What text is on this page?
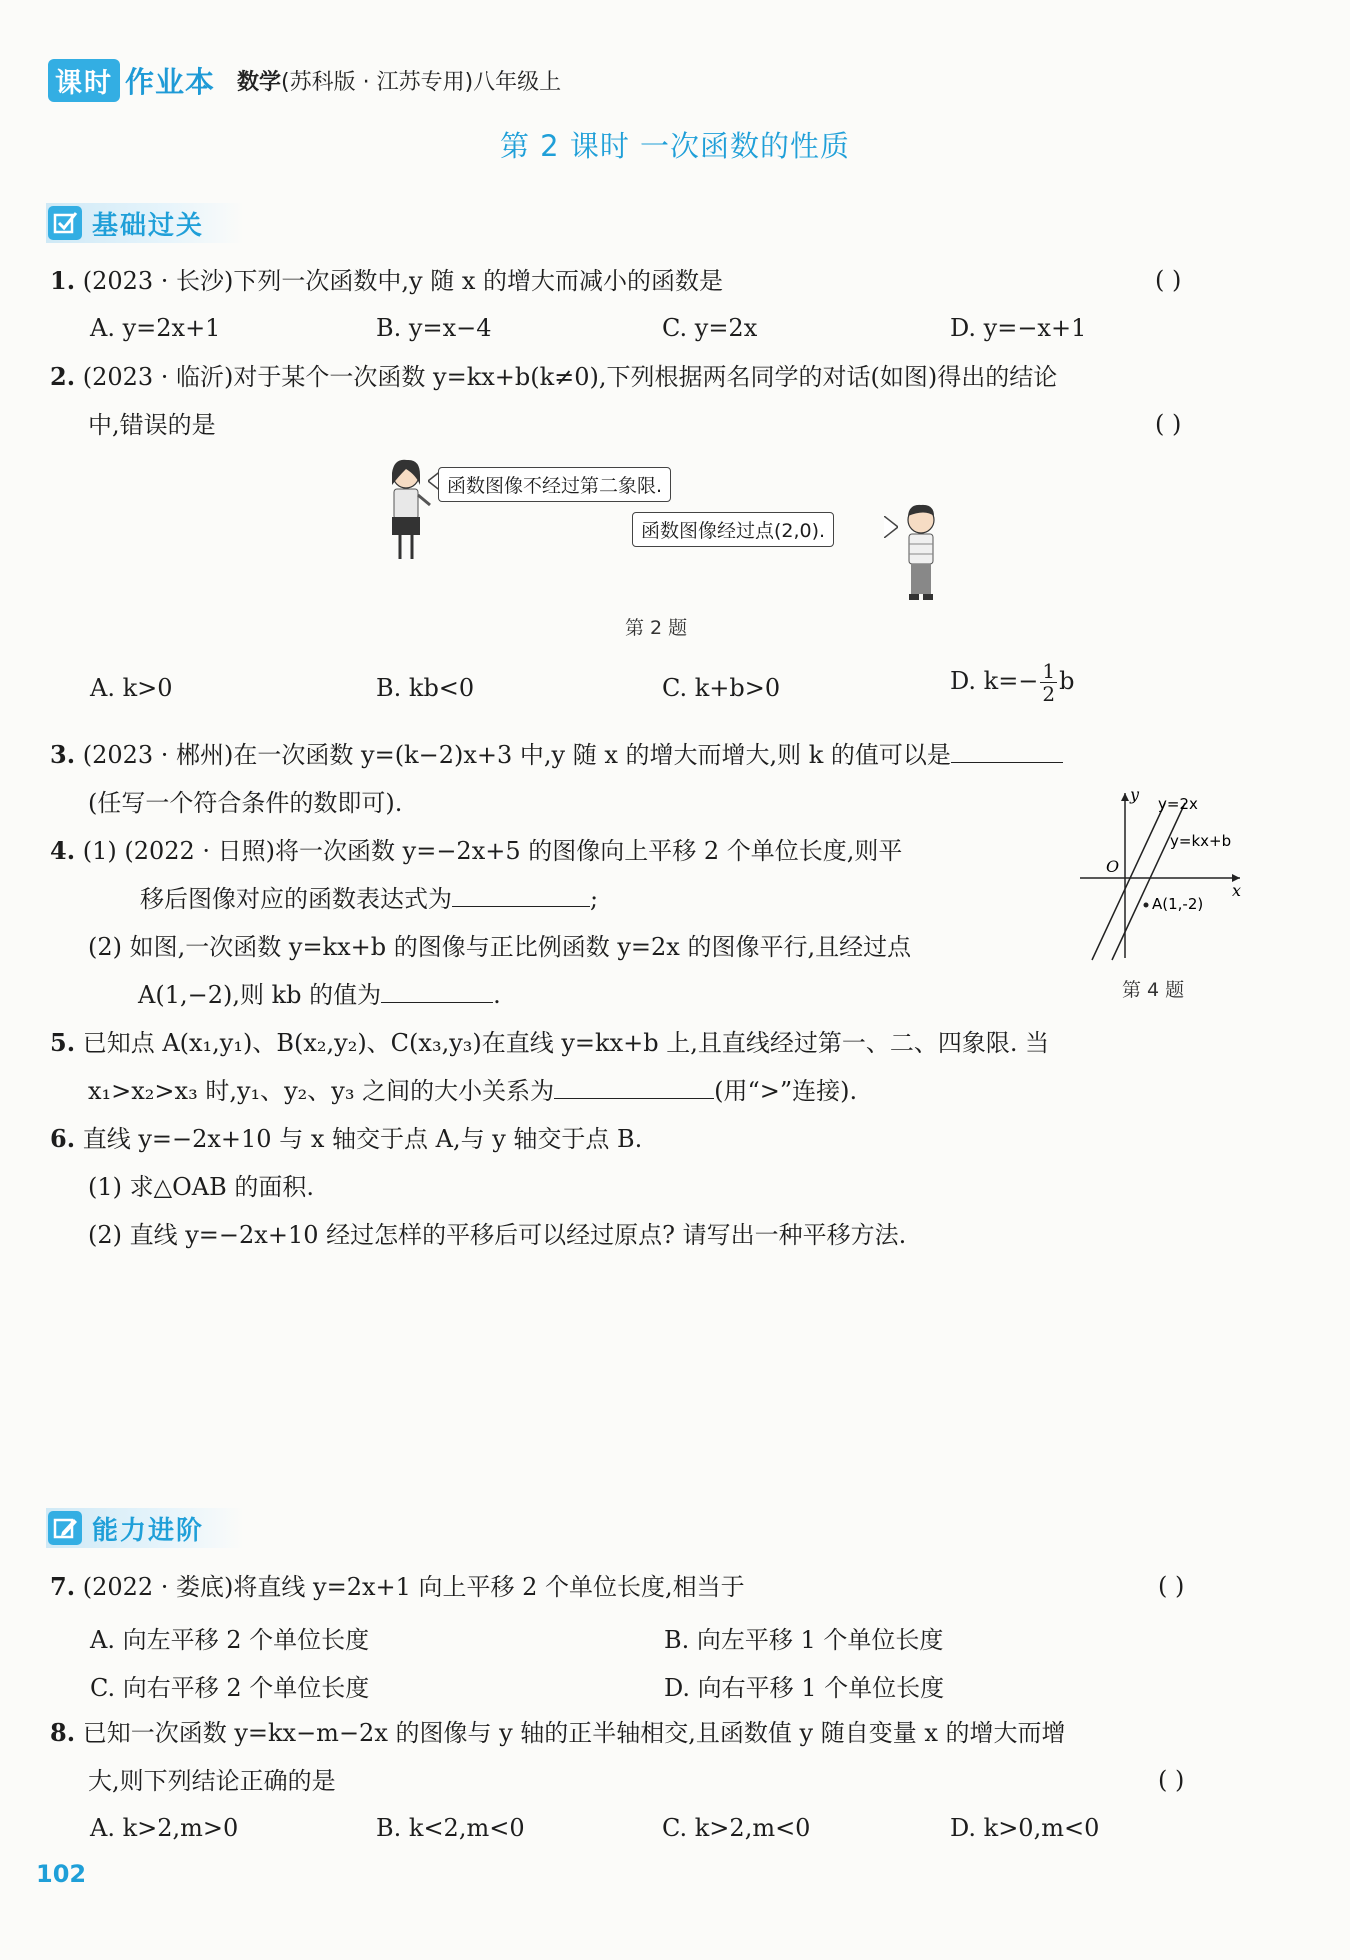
课时 作业本 数学(苏科版 · 江苏专用)八年级上
第 2 课时 一次函数的性质
基础过关
1. (2023 · 长沙)下列一次函数中,y 随 x 的增大而减小的函数是	( )
A. y=2x+1	B. y=x−4	C. y=2x	D. y=−x+1
2. (2023 · 临沂)对于某个一次函数 y=kx+b(k≠0),下列根据两名同学的对话(如图)得出的结论
中,错误的是	( )
函数图像不经过第二象限.
函数图像经过点(2,0).
第 2 题
A. k>0	B. kb<0	C. k+b>0	D. $k=- \frac{1}{2}$ b
3. (2023 · 郴州)在一次函数 y=(k−2)x+3 中,y 随 x 的增大而增大,则 k 的值可以是
(任写一个符合条件的数即可).
4. (1) (2022 · 日照)将一次函数 y=−2x+5 的图像向上平移 2 个单位长度,则平
移后图像对应的函数表达式为	;
(2) 如图,一次函数 y=kx+b 的图像与正比例函数 y=2x 的图像平行,且经过点
A(1,−2),则 kb 的值为	.
y
x
O
y=2x
y=kx+b
A(1,-2)
第 4 题
5. 已知点 A(x₁,y₁)、B(x₂,y₂)、C(x₃,y₃)在直线 y=kx+b 上,且直线经过第一、二、四象限. 当
x₁>x₂>x₃ 时,y₁、y₂、y₃ 之间的大小关系为	(用“>”连接).
6. 直线 y=−2x+10 与 x 轴交于点 A,与 y 轴交于点 B.
(1) 求△OAB 的面积.
(2) 直线 y=−2x+10 经过怎样的平移后可以经过原点? 请写出一种平移方法.
能力进阶
7. (2022 · 娄底)将直线 y=2x+1 向上平移 2 个单位长度,相当于	( )
A. 向左平移 2 个单位长度	B. 向左平移 1 个单位长度
C. 向右平移 2 个单位长度	D. 向右平移 1 个单位长度
8. 已知一次函数 y=kx−m−2x 的图像与 y 轴的正半轴相交,且函数值 y 随自变量 x 的增大而增
大,则下列结论正确的是	( )
A. k>2,m>0	B. k<2,m<0	C. k>2,m<0	D. k>0,m<0
102
